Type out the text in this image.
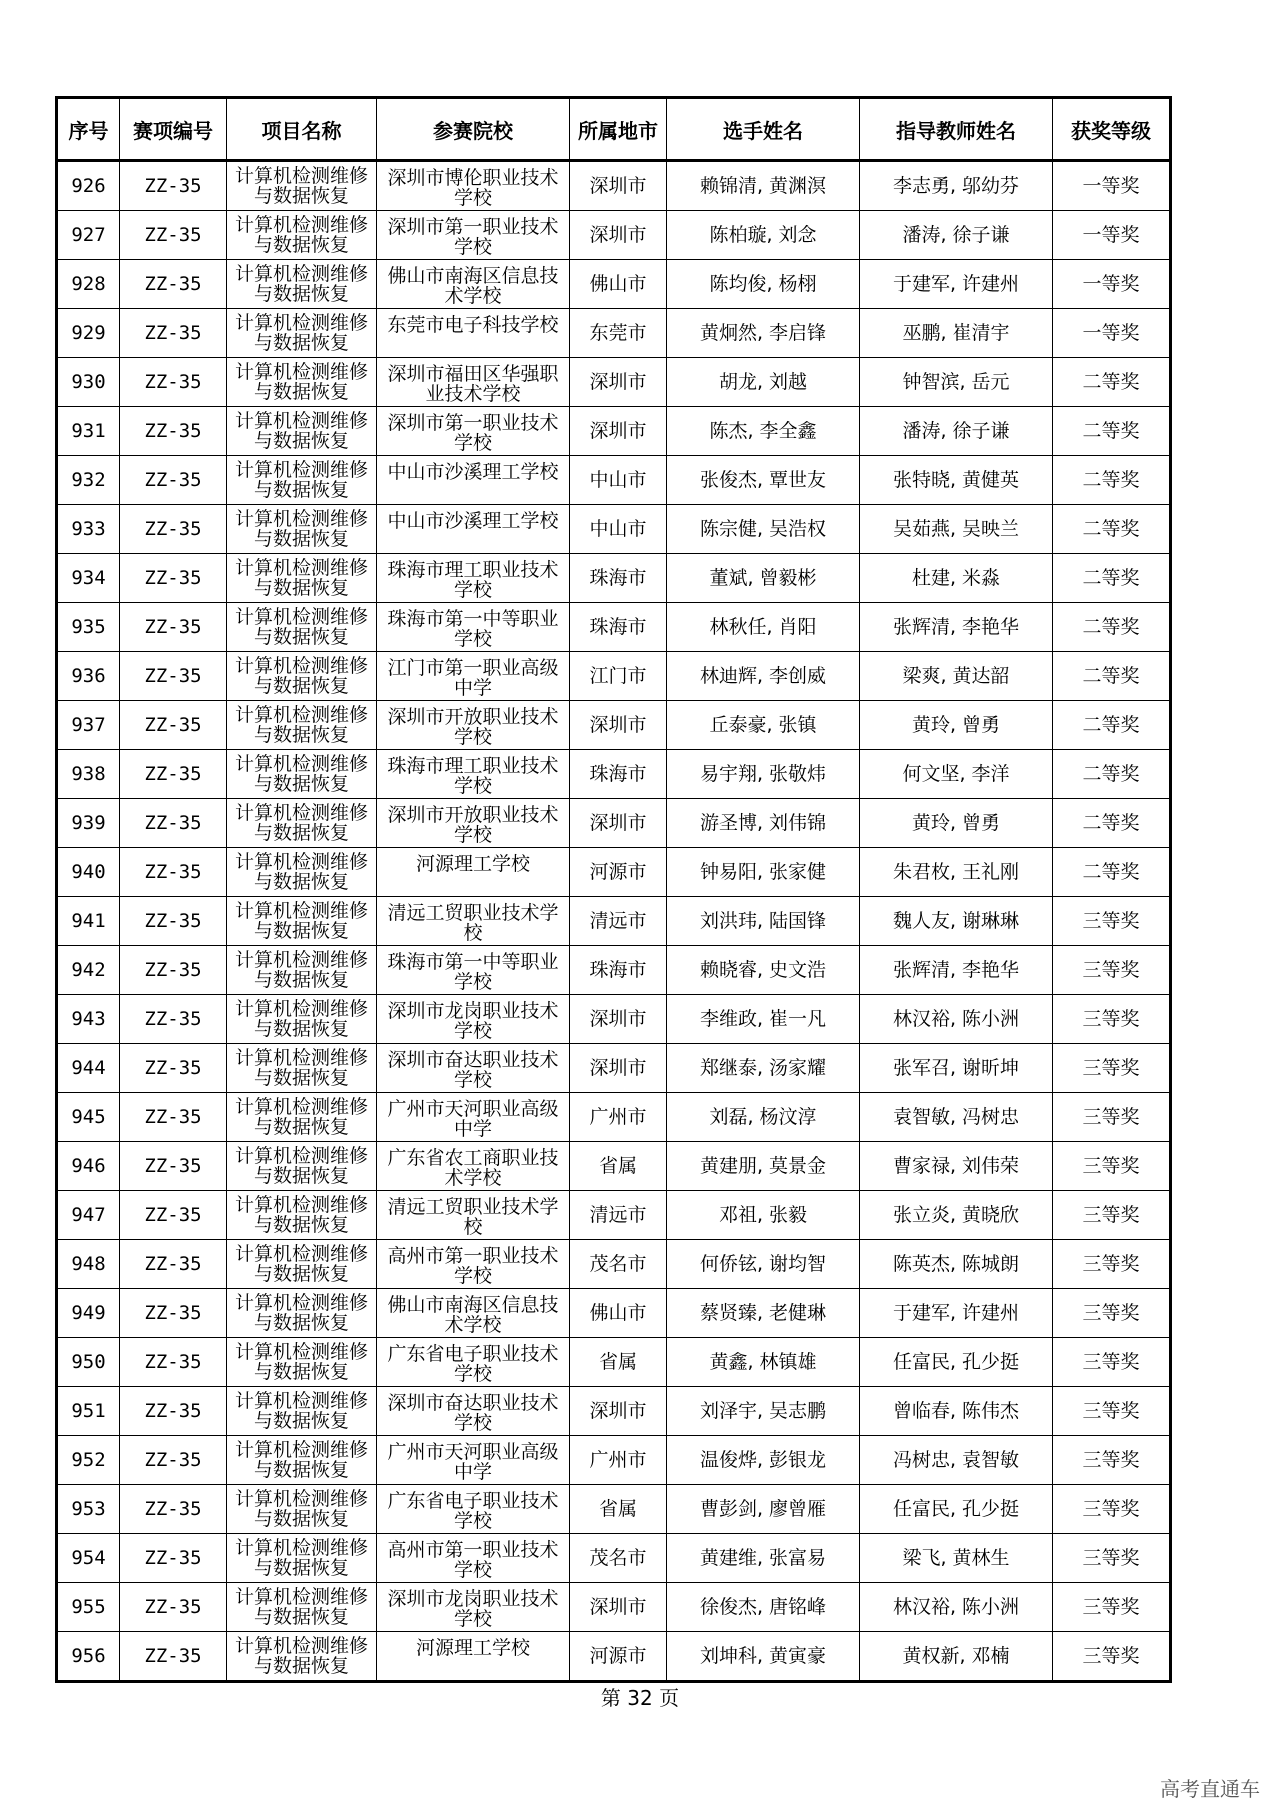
序号	赛项编号	项目名称	参赛院校	所属地市	选手姓名	指导教师姓名	获奖等级
926	ZZ-35	计算机检测维修与数据恢复	深圳市博伦职业技术学校	深圳市	赖锦清, 黄渊溟	李志勇, 邬幼芬	一等奖
927	ZZ-35	计算机检测维修与数据恢复	深圳市第一职业技术学校	深圳市	陈柏璇, 刘念	潘涛, 徐子谦	一等奖
928	ZZ-35	计算机检测维修与数据恢复	佛山市南海区信息技术学校	佛山市	陈均俊, 杨栩	于建军, 许建州	一等奖
929	ZZ-35	计算机检测维修与数据恢复	东莞市电子科技学校	东莞市	黄炯然, 李启锋	巫鹏, 崔清宇	一等奖
930	ZZ-35	计算机检测维修与数据恢复	深圳市福田区华强职业技术学校	深圳市	胡龙, 刘越	钟智滨, 岳元	二等奖
931	ZZ-35	计算机检测维修与数据恢复	深圳市第一职业技术学校	深圳市	陈杰, 李全鑫	潘涛, 徐子谦	二等奖
932	ZZ-35	计算机检测维修与数据恢复	中山市沙溪理工学校	中山市	张俊杰, 覃世友	张特晓, 黄健英	二等奖
933	ZZ-35	计算机检测维修与数据恢复	中山市沙溪理工学校	中山市	陈宗健, 吴浩权	吴茹燕, 吴映兰	二等奖
934	ZZ-35	计算机检测维修与数据恢复	珠海市理工职业技术学校	珠海市	董斌, 曾毅彬	杜建, 米淼	二等奖
935	ZZ-35	计算机检测维修与数据恢复	珠海市第一中等职业学校	珠海市	林秋任, 肖阳	张辉清, 李艳华	二等奖
936	ZZ-35	计算机检测维修与数据恢复	江门市第一职业高级中学	江门市	林迪辉, 李创威	梁爽, 黄达韶	二等奖
937	ZZ-35	计算机检测维修与数据恢复	深圳市开放职业技术学校	深圳市	丘泰豪, 张镇	黄玲, 曾勇	二等奖
938	ZZ-35	计算机检测维修与数据恢复	珠海市理工职业技术学校	珠海市	易宇翔, 张敬炜	何文坚, 李洋	二等奖
939	ZZ-35	计算机检测维修与数据恢复	深圳市开放职业技术学校	深圳市	游圣博, 刘伟锦	黄玲, 曾勇	二等奖
940	ZZ-35	计算机检测维修与数据恢复	河源理工学校	河源市	钟易阳, 张家健	朱君枚, 王礼刚	二等奖
941	ZZ-35	计算机检测维修与数据恢复	清远工贸职业技术学校	清远市	刘洪玮, 陆国锋	魏人友, 谢琳琳	三等奖
942	ZZ-35	计算机检测维修与数据恢复	珠海市第一中等职业学校	珠海市	赖晓睿, 史文浩	张辉清, 李艳华	三等奖
943	ZZ-35	计算机检测维修与数据恢复	深圳市龙岗职业技术学校	深圳市	李维政, 崔一凡	林汉裕, 陈小洲	三等奖
944	ZZ-35	计算机检测维修与数据恢复	深圳市奋达职业技术学校	深圳市	郑继泰, 汤家耀	张军召, 谢昕坤	三等奖
945	ZZ-35	计算机检测维修与数据恢复	广州市天河职业高级中学	广州市	刘磊, 杨汶淳	袁智敏, 冯树忠	三等奖
946	ZZ-35	计算机检测维修与数据恢复	广东省农工商职业技术学校	省属	黄建朋, 莫景金	曹家禄, 刘伟荣	三等奖
947	ZZ-35	计算机检测维修与数据恢复	清远工贸职业技术学校	清远市	邓祖, 张毅	张立炎, 黄晓欣	三等奖
948	ZZ-35	计算机检测维修与数据恢复	高州市第一职业技术学校	茂名市	何侨铉, 谢均智	陈英杰, 陈城朗	三等奖
949	ZZ-35	计算机检测维修与数据恢复	佛山市南海区信息技术学校	佛山市	蔡贤臻, 老健琳	于建军, 许建州	三等奖
950	ZZ-35	计算机检测维修与数据恢复	广东省电子职业技术学校	省属	黄鑫, 林镇雄	任富民, 孔少挺	三等奖
951	ZZ-35	计算机检测维修与数据恢复	深圳市奋达职业技术学校	深圳市	刘泽宇, 吴志鹏	曾临春, 陈伟杰	三等奖
952	ZZ-35	计算机检测维修与数据恢复	广州市天河职业高级中学	广州市	温俊烨, 彭银龙	冯树忠, 袁智敏	三等奖
953	ZZ-35	计算机检测维修与数据恢复	广东省电子职业技术学校	省属	曹彭剑, 廖曾雁	任富民, 孔少挺	三等奖
954	ZZ-35	计算机检测维修与数据恢复	高州市第一职业技术学校	茂名市	黄建维, 张富易	梁飞, 黄林生	三等奖
955	ZZ-35	计算机检测维修与数据恢复	深圳市龙岗职业技术学校	深圳市	徐俊杰, 唐铭峰	林汉裕, 陈小洲	三等奖
956	ZZ-35	计算机检测维修与数据恢复	河源理工学校	河源市	刘坤科, 黄寅豪	黄权新, 邓楠	三等奖
第 32 页
高考直通车
